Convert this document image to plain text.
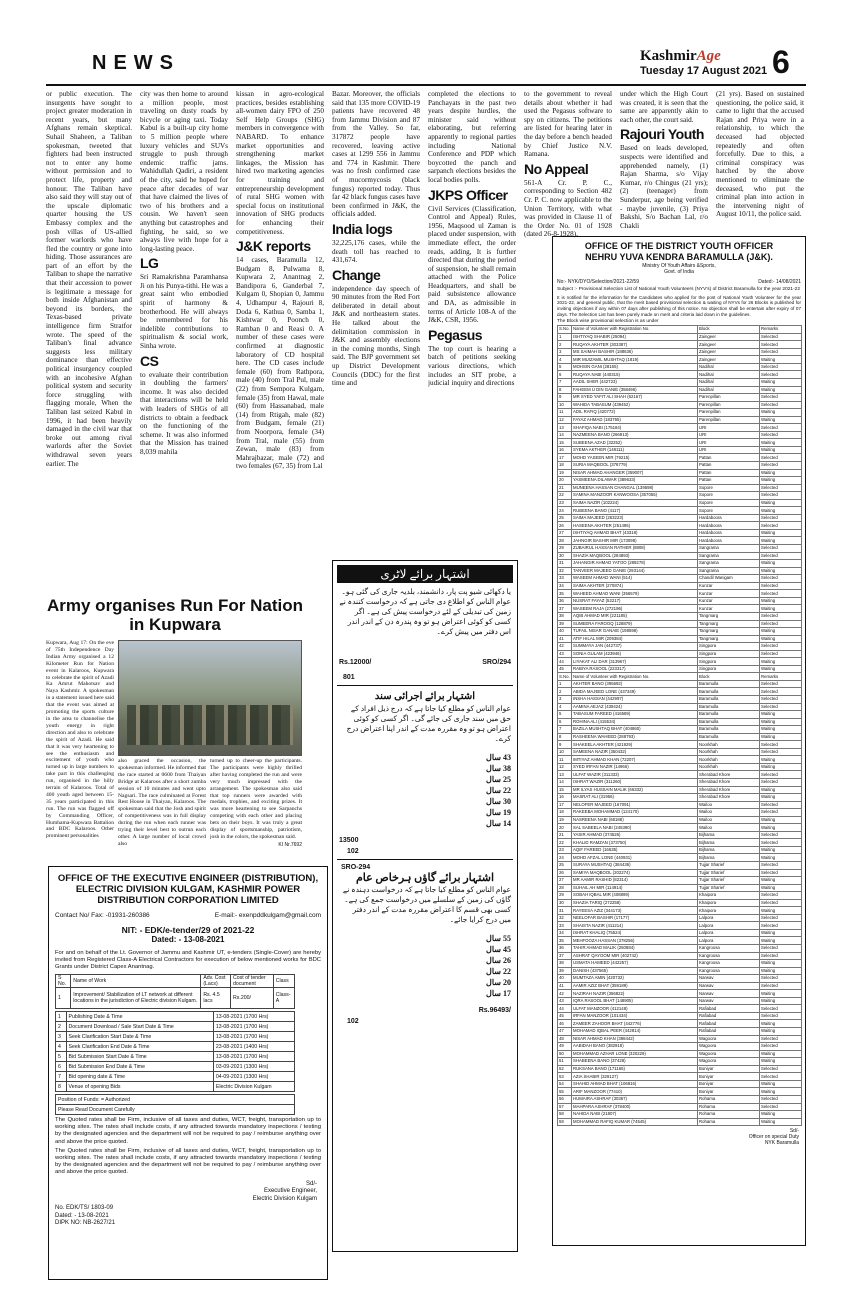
NEWS	KashmirAge
Tuesday 17 August 2021 6

or public execution. The insurgents have sought to project greater moderation in recent years, but many Afghans remain skeptical. Suhail Shaheen, a Taliban spokesman, tweeted that fighters had been instructed not to enter any home without permission and to protect life, property and honour. The Taliban have also said they will stay out of the upscale diplomatic quarter housing the US Embassy complex and the posh villas of US-allied former warlords who have fled the country or gone into hiding. Those assurances are part of an effort by the Taliban to shape the narrative that their accession to power is legitimate a message for both inside Afghanistan and beyond its borders, the Texas-based private intelligence firm Stratfor wrote. The speed of the Taliban's final advance suggests less military dominance than effective political insurgency coupled with an incohesive Afghan political system and security force struggling with flagging morale, When the Taliban last seized Kabul in 1996, it had been heavily damaged in the civil war that broke out among rival warlords after the Soviet withdrawal seven years earlier. The

city was then home to around a million people, most traveling on dusty roads by bicycle or aging taxi. Today Kabul is a built-up city home to 5 million people where luxury vehicles and SUVs struggle to push through endemic traffic jams. Wahidullah Qadiri, a resident of the city, said he hoped for peace after decades of war that have claimed the lives of two of his brothers and a cousin. We haven't seen anything but catastrophes and fighting, he said, so we always live with hope for a long-lasting peace.

LG

Sri Ramakrishna Paramhansa Ji on his Punya-tithi. He was a great saint who embodied spirit of harmony & brotherhood. He will always be remembered for his indelible contributions to spiritualism & social work, Sinha wrote.

CS

to evaluate their contribution in doubling the farmers' income. It was also decided that interactions will be held with leaders of SHGs of all districts to obtain a feedback on the functioning of the scheme. It was also informed that the Mission has trained 8,039 mahila

kissan in agro-ecological practices, besides establishing all-women dairy FPO of 250 Self Help Groups (SHG) members in convergence with NABARD. To enhance market opportunities and strengthening market linkages, the Mission has hired two marketing agencies for training and entrepreneurship development of rural SHG women with special focus on institutional innovation of SHG products for enhancing their competitiveness.

J&K reports

14 cases, Baramulla 12, Budgam 8, Pulwama 8, Kupwara 2, Anantnag 2, Bandipora 6, Ganderbal 7, Kulgam 0, Shopian 0, Jammu 4, Udhampur 4, Rajouri 8, Doda 6, Kathua 0, Samba 1, Kishtwar 0, Poonch 0, Ramban 0 and Reasi 0. A number of these cases were confirmed at diagnostic laboratory of CD hospital here. The CD cases include female (60) from Rathpora, male (40) from Tral Pul, male (22) from Sempora Kulgam, female (35) from Hawal, male (60) from Hassanabad, male (14) from Rtigah, male (82) from Budgam, female (21) from Noorpora, female (34) from Tral, male (55) from Zewan, male (83) from Mahrajbazar, male (72) and two females (67, 35) from Lal

Bazar. Moreover, the officials said that 135 more COVID-19 patients have recovered 48 from Jammu Division and 87 from the Valley. So far, 317872 people have recovered, leaving active cases at 1299 556 in Jammu and 774 in Kashmir. There was no fresh confirmed case of mucormycosis (black fungus) reported today. Thus far 42 black fungus cases have been confirmed in J&K, the officials added.

India logs

32,225,176 cases, while the death toll has reached to 431,674.

Change

independence day speech of 90 minutes from the Red Fort deliberated in detail about J&K and northeastern states. He talked about the delimitation commission in J&K and assembly elections in the coming months, Singh said. The BJP government set up District Development Councils (DDC) for the first time and

completed the elections to Panchayats in the past two years despite hurdles, the minister said without elaborating, but referring apparently to regional parties including National Conference and PDP which boycotted the panch and sarpanch elections besides the local bodies polls.

JKPS Officer

Civil Services (Classification, Control and Appeal) Rules, 1956, Maqsood ul Zaman is placed under suspension, with immediate effect, the order reads, adding, It is further directed that during the period of suspension, he shall remain attached with the Police Headquarters, and shall be paid subsistence allowance and DA, as admissible in terms of Article 108-A of the J&K, CSR, 1956.

Pegasus

The top court is hearing a batch of petitions seeking various directions, which includes an SIT probe, a judicial inquiry and directions

to the government to reveal details about whether it had used the Pegasus software to spy on citizens. The petitions are listed for hearing later in the day before a bench headed by Chief Justice N.V. Ramana.

No Appeal

561-A Cr. P. C., corresponding to Section 482 Cr. P. C. now applicable to the Union Territory, with what was provided in Clause 11 of the Order No. 01 of 1928 (dated 26-8-1928),

under which the High Court was created, it is seen that the same are apparently akin to each other, the court said.

Rajouri Youth

Based on leads developed, suspects were identified and apprehended namely, (1) Rajan Sharma, s/o Vijay Kumar, r/o Chingus (21 yrs); (2) (teenager) from Sunderpur, age being verified - maybe juvenile, (3) Priya Bakshi, S/o Bachan Lal, r/o Chakli

(21 yrs). Based on sustained questioning, the police said, it came to light that the accused Rajan and Priya were in a relationship, to which the deceased had objected repeatedly and often forcefully. Due to this, a criminal conspiracy was hatched by the above mentioned to eliminate the deceased, who put the criminal plan into action in the intervening night of August 10/11, the police said.

Army organises Run For Nation in Kupwara

Kupwara, Aug 17: On the eve of 75th Independence Day Indian Army organised a 12 Kilometer Run for Nation event in Kalaroos, Kupwara to celebrate the spirit of Azadi Ka Amrut Mahotsav and Naya Kashmir. A spokesman in a statement issued here said that the event was aimed at promoting the sports culture in the area to channelise the youth energy in right direction and also to celebrate the spirit of Azadi. He said that it was very heartening to see the enthusiasm and excitement of youth who turned up in large numbers to take part in this challenging run, organised in the hilly terrain of Kalaroos. Total of 400 youth aged between 15-35 years participated in this run. The run was flagged off by Commanding Officer, Humhama-Kupwara Battalion and BDC Kalaroos. Other prominent personalities

also graced the occasion, the spokesman informed. He informed that the race started at 0600 from Thaiyan Bridge at Kalaroos after a short zumba session of 10 minutes and went upto Nagsari. The race culminated at Forest Rest House in Thaiyan, Kalaroos. The spokesman said that the Josh and spirit of competitiveness was in full display during the run when each runner was trying their level best to outrun each other. A large number of local crowd also

turned up to cheer-up the participants. The participants were highly thrilled after having completed the run and were very much impressed with the arrangement. The spokesman also said that top runners were awarded with medals, trophies, and exciting prizes. It was more heartening to see Sarpanchs competing with each other and placing bets on their boys. It was truly a great display of sportsmanship, patriotism, josh in the colors, the spokesman said.

KI Nr.7692
OFFICE OF THE EXECUTIVE ENGINEER (DISTRIBUTION),
ELECTRIC DIVISION KULGAM, KASHMIR POWER
DISTRIBUTION CORPORATION LIMITED
Contact No/ Fax: -01931-260386	E-mail:- exenpddkulgam@gmail.com
NIT: - EDK/e-tender/29 of 2021-22
Dated: - 13-08-2021
For and on behalf of the Lt. Governor of Jammu and Kashmir UT, e-tenders (Single-Cover) are hereby invited from Registered Class-A Electrical Contractors for execution of below mentioned works for BDC Grants under District Capex Anantnag.
S No.	Name of Work	Adv. Cost (Lacs)	Cost of tender document	Class
1	Improvement/ Stabilization of LT network at different locations in the jurisdiction of Electric division Kulgam.	Rs. 4.5 lacs	Rs.200/	Class-A
1	Publishing Date & Time	13-08-2021 (1700 Hrs)
2	Document Download / Sale Start Date & Time	13-08-2021 (1700 Hrs)
3	Seek Clarification Start Date & Time	13-08-2021 (1700 Hrs)
4	Seek Clarification End Date & Time	23-08-2021 (1400 Hrs)
5	Bid Submission Start Date & Time	13-08-2021 (1700 Hrs)
6	Bid Submission End Date & Time	03-09-2021 (1300 Hrs)
7	Bid opening date & Time	04-09-2021 (1300 Hrs)
8	Venue of opening Bids	Electric Division Kulgam
Position of Funds: = Authorized
Please Read Document Carefully
The Quoted rates shall be Firm, inclusive of all taxes and duties, WCT, freight, transportation up to working sites. The rates shall include costs, if any attracted towards mandatory inspections / testing by the designated agencies and the department will not be required to pay / reimburse anything over and above the price quoted.
The Quoted rates shall be Firm, inclusive of all taxes and duties, WCT, freight, transportation up to working sites. The rates shall include costs, if any attracted towards mandatory inspections / testing by the designated agencies and the department will not be required to pay / reimburse anything over and above the price quoted.
Sd/-
Executive Engineer,
Electric Division Kulgam
No. EDK/TS/ 1803-09
Dated: - 13-08-2021
DIPK NO: NB-2627/21
اشتہار برائے لاٹری
یا دکھائی شیو پت پار، دانشمند، بلدیہ جاری کی گئی ہو۔ عوام الناس کو اطلاع دی جاتی ہے کہ درخواست کنندہ نے زمین کی تبدیلی کے لئے درخواست پیش کی ہے۔ اگر کسی کو کوئی اعتراض ہو تو وہ پندرہ دن کے اندر اندر اس دفتر میں پیش کرے۔
Rs.12000/	SRO/294
801
اشتہار برائے اجرائی سند
عوام الناس کو مطلع کیا جاتا ہے کہ درج ذیل افراد کے حق میں سند جاری کی جائے گی۔ اگر کسی کو کوئی اعتراض ہو تو وہ مقررہ مدت کے اندر اپنا اعتراض درج کرے۔
43 سال
38 سال
25 سال
22 سال
30 سال
19 سال
14 سال
13500
102
SRO-294
اشتہار برائے گاؤں ہرخاص عام
عوام الناس کو مطلع کیا جاتا ہے کہ درخواست دہندہ نے گاؤں کی زمین کے سلسلے میں درخواست جمع کی ہے۔ کسی بھی قسم کا اعتراض مقررہ مدت کے اندر دفتر میں درج کرایا جائے۔
55 سال
45 سال
26 سال
22 سال
20 سال
17 سال
Rs.96493/
102
OFFICE OF THE DISTRICT YOUTH OFFICER
NEHRU YUVA KENDRA BARAMULLA (J&K).
Ministry Of Youth Affairs &Sports,
Govt. of India
No:- NYK/DYO/Selection/2021-22/59	Dated:- 14/08/2021
Subject :- Provisional Selection List of National Youth Volunteers (NYV's) of District Baramulla for the year 2021-22
It is notified for the information for the Candidates who applied for the post of National Youth Volunteer for the year 2021-22, and general public, that the merit based provisional selection & waiting of NYVs for 26 Blocks is published for inviting objections if any within 07 days after publishing of this notice. No objection shall be entertain after expiry of 07 days. The Selection List has been purely made on merit and criteria laid down in the guidelines.
The Block wise provisional selection is as under
S.No.	Name of Volunteer with Registration No.	Block	Remarks
1	ISHTIYAQ SHABIR (25094)	Zaingeer	Selected
2	RUQAYA AKHTER (303387)	Zaingeer	Selected
3	MS SAIMAH BASHIR (188636)	Zaingeer	Selected
4	MIR MUIZAMIL MUSHTAQ (1819)	Zaingeer	Waiting
5	MOHSIN GANI (28165)	Nadihal	Selected
6	RUQAYA NABI (440315)	Nadihal	Selected
7	AADIL SHER (442723)	Nadihal	Waiting
8	FAHEEM U DIN GANIE (358496)	Nadihal	Waiting
9	MR SYED YAFIT ALI SHAH (62167)	Parenpillan	Selected
10	WAHIDA TABASUM (439452)	Parenpillan	Selected
11	ADIL RAFIQ (420772)	Parenpillan	Waiting
12	FAYAZ AHMAD (183765)	Parenpillan	Waiting
13	SHAFIQA NABI (175184)	URI	Selected
14	NAZMEENA BANO (266913)	URI	Selected
15	SUBEENA AZAD (32252)	URI	Waiting
16	SYEMA AKTHER (148111)	URI	Waiting
17	MOHD YASEEN MIR (79215)	Pattan	Selected
18	SURIA MAQBOOL (378779)	Pattan	Selected
19	NISAR AHMAD AHANGER (359007)	Pattan	Waiting
20	YASMEENA DILAWAR (389633)	Pattan	Waiting
21	MUNEENA HASSAN CHANGAL (139598)	Sopore	Selected
22	SAMINA MANZOOR KANWOOSA (357055)	Sopore	Selected
23	SAIMA NAZIR (102224)	Sopore	Waiting
24	RUBEENA BANO (4117)	Sopore	Waiting
25	SAIMA MAJEED (263223)	Hardaboora	Selected
26	HASEENA AKHTER (251495)	Hardaboora	Selected
27	ISHTIYAQ AHMAD BHAT (43318)	Hardaboora	Waiting
28	JAHNGIR BASHIR MIR (173098)	Hardaboora	Waiting
29	ZUBAIRUL HASSAN RATHER (8808)	Sangrama	Selected
30	SHAZIA MAQBOOL (284893)	Sangrama	Selected
31	JAHANGIR AHMAD YATOO (289278)	Sangrama	Waiting
32	TANVEER MAJEED GANIE (293144)	Sangrama	Waiting
33	WASEEM AHMAD WANI (514)	Chandil Wanigam	Selected
34	SAIMA AKHTER (270874)	Kunzar	Selected
35	WAHEED AHMAD WANI (356579)	Kunzar	Selected
36	NUSRAT FAYAZ (52217)	Kunzar	Waiting
37	WASEEM RAJA (272196)	Kunzar	Waiting
38	AQIB AHMAD MIR (221185)	Tangmarg	Selected
39	SUMEERA FAROOQ (128879)	Tangmarg	Selected
40	TUFAIL NISAR GANAIE (198598)	Tangmarg	Waiting
41	ATIF HILAL MIR (209384)	Tangmarg	Waiting
42	SUMMAYA JAN (442737)	Singpora	Selected
43	SONIA GULAM (423946)	Singpora	Selected
44	LIYAKAT ALI DAR (313967)	Singpora	Waiting
45	RABIYA RASOOL (223317)	Singpora	Waiting
S.No.	Name of Volunteer with Registration No.	Block	Remarks
1	AKHTER BANO (395692)	Baramulla	Selected
2	ABIDA MAJEED LONE (437349)	Baramulla	Selected
3	INSHA HASSAN (442997)	Baramulla	Selected
4	AAMINA AEJAZ (439424)	Baramulla	Selected
5	TABASUM FAREED (416589)	Baramulla	Waiting
6	ROHINA ALI (415534)	Baramulla	Waiting
7	BAZILA MUSHTAQ BHAT (404860)	Baramulla	Waiting
8	RASHEENA WAHEED (288793)	Baramulla	Waiting
9	SHAKEELA AKHTER (421929)	Noorkhah	Selected
10	SAMEENA NAZIR (350432)	Noorkhah	Selected
11	IMTIYAZ AHMAD KHAN (72207)	Noorkhah	Waiting
12	SYED IRFAN NAZIR (14966)	Noorkhah	Waiting
13	ULFAT WAZIR (311333)	Sherabad Khore	Selected
14	ISHRAT WAZIR (311260)	Sherabad Khore	Selected
15	MR ILYAS HUSSAIN MALIK (66332)	Sherabad Khore	Waiting
16	MASRAT ALI (31956)	Sherabad Khore	Waiting
17	NELOFER MAJEED (167091)	Wailoo	Selected
18	RAKEEBA MOHAMMAD (124170)	Wailoo	Selected
19	NASREENA NABI (68188)	Wailoo	Waiting
20	SAL SABEELA NABI (245390)	Wailoo	Waiting
21	YASIR AHMAD (374526)	Bijhama	Selected
22	KHALID RAMZAN (373750)	Bijhama	Selected
23	AQIF FAREED (16635)	Bijhama	Waiting
24	MOHD AFZAL LONE (440931)	Bijhama	Waiting
25	SURAYA MUSHTAQ (384436)	Tujjar Sharief	Selected
26	SAMIYA MAQBOOL (202274)	Tujjar Sharief	Selected
27	MR AAMIR RASHID (82314)	Tujjar Sharief	Waiting
28	SUHAIL AH MIR (114914)	Tujjar Sharief	Waiting
29	SOBAH IQBAL MIR (408899)	Khaipora	Selected
30	SHAZIA TARIQ (272258)	Khaipora	Selected
31	RAYEESA AZIZ (344173)	Khaipora	Waiting
32	NEELOFAR BASHIR (17177)	Lalpora	Selected
33	SHAISTA NAZIR (411214)	Lalpora	Selected
34	ISHRAT KHALIQ (75524)	Lalpora	Waiting
35	MEHFOOZA HASSAN (378256)	Lalpora	Waiting
36	TAHIR AHMAD MALIK (250884)	Kangroosa	Selected
37	ASHRAT QAYOOM MIR (402742)	Kangroosa	Selected
38	USMATA HAMEED (442257)	Kangroosa	Waiting
39	DANISH (437565)	Kangroosa	Waiting
40	MUMTAZA AMIN (420732)	Narwav	Selected
41	AAMIR AZIZ BHAT (359189)	Narwav	Selected
42	NAZIRAH NAZIR (356822)	Narwav	Waiting
43	IQRA RASOOL BHAT (148905)	Narwav	Waiting
44	ULFAT MANZOOR (412148)	Rafiabad	Selected
45	IRFAN MANZOOR (101434)	Rafiabad	Selected
46	ZAMEER ZAHOOR BHAT (442776)	Rafiabad	Waiting
47	MOHAMAD IQBAL PEER (442814)	Rafiabad	Waiting
48	NISAR AHMAD KHAN (398442)	Wagoora	Selected
49	AABIDAH BANO (382918)	Wagoora	Selected
50	MOHAMMAD AZHAR LONE (320229)	Wagoora	Waiting
51	SHABEENA BANO (37428)	Wagoora	Waiting
52	RUKSANA BANO (171165)	Boniyar	Selected
53	AZIA SHABIR (329127)	Boniyar	Selected
54	SHAHID AHMAD BHAT (106816)	Boniyar	Waiting
55	ARIF MANZOOR (77410)	Boniyar	Waiting
56	HUMAIRA ASHRAF (30367)	Rohama	Selected
57	MAHPARA ASHRAF (378400)	Rohama	Selected
58	NAHIDA NABI (21807)	Rohama	Waiting
59	MOHAMMAD RAFIQ KUMAR (74545)	Rohama	Waiting
Sd/-
Officer on special Duty
NYK Baramulla
